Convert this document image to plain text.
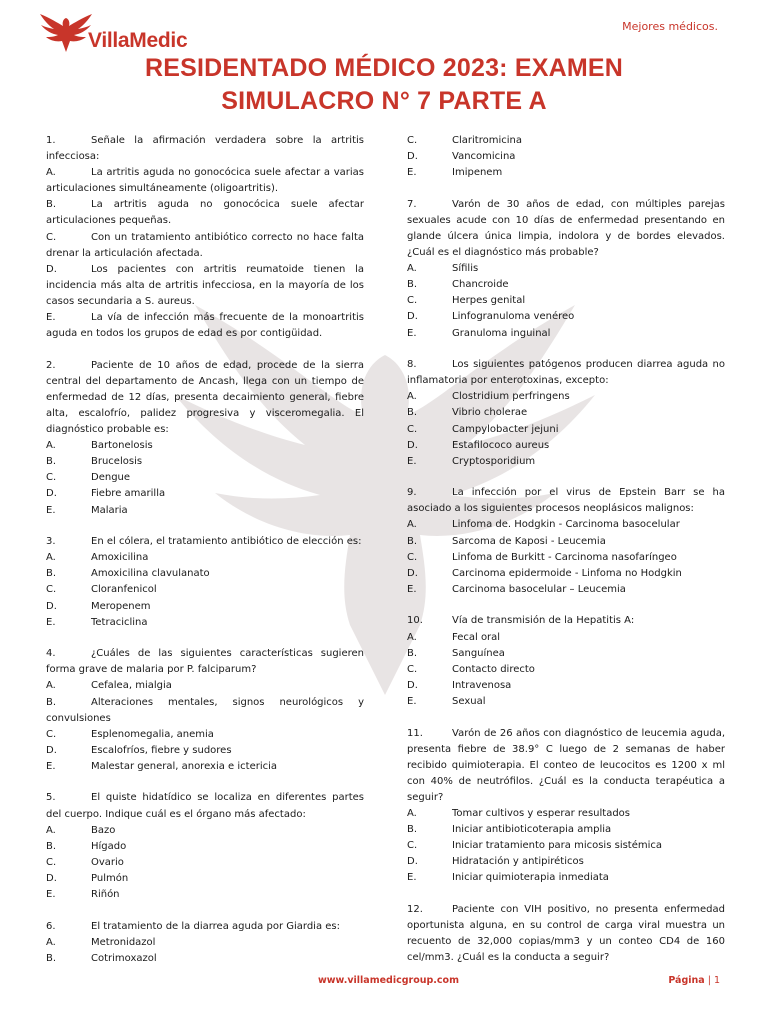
VillaMedic
Mejores médicos.
RESIDENTADO MÉDICO 2023: EXAMEN
SIMULACRO N° 7 PARTE A
1.	Señale la afirmación verdadera sobre la artritis infecciosa:
A.	La artritis aguda no gonocócica suele afectar a varias articulaciones simultáneamente (oligoartritis).
B.	La artritis aguda no gonocócica suele afectar articulaciones pequeñas.
C.	Con un tratamiento antibiótico correcto no hace falta drenar la articulación afectada.
D.	Los pacientes con artritis reumatoide tienen la incidencia más alta de artritis infecciosa, en la mayoría de los casos secundaria a S. aureus.
E.	La vía de infección más frecuente de la monoartritis aguda en todos los grupos de edad es por contigüidad.
2.	Paciente de 10 años de edad, procede de la sierra central del departamento de Ancash, llega con un tiempo de enfermedad de 12 días, presenta decaimiento general, fiebre alta, escalofrío, palidez progresiva y visceromegalia. El diagnóstico probable es:
A.	Bartonelosis
B.	Brucelosis
C.	Dengue
D.	Fiebre amarilla
E.	Malaria
3.	En el cólera, el tratamiento antibiótico de elección es:
A.	Amoxicilina
B.	Amoxicilina clavulanato
C.	Cloranfenicol
D.	Meropenem
E.	Tetraciclina
4.	¿Cuáles de las siguientes características sugieren forma grave de malaria por P. falciparum?
A.	Cefalea, mialgia
B.	Alteraciones mentales, signos neurológicos y convulsiones
C.	Esplenomegalia, anemia
D.	Escalofríos, fiebre y sudores
E.	Malestar general, anorexia e ictericia
5.	El quiste hidatídico se localiza en diferentes partes del cuerpo. Indique cuál es el órgano más afectado:
A.	Bazo
B.	Hígado
C.	Ovario
D.	Pulmón
E.	Riñón
6.	El tratamiento de la diarrea aguda por Giardia es:
A.	Metronidazol
B.	Cotrimoxazol
C.	Claritromicina
D.	Vancomicina
E.	Imipenem
7.	Varón de 30 años de edad, con múltiples parejas sexuales acude con 10 días de enfermedad presentando en glande úlcera única limpia, indolora y de bordes elevados. ¿Cuál es el diagnóstico más probable?
A.	Sífilis
B.	Chancroide
C.	Herpes genital
D.	Linfogranuloma venéreo
E.	Granuloma inguinal
8.	Los siguientes patógenos producen diarrea aguda no inflamatoria por enterotoxinas, excepto:
A.	Clostridium perfringens
B.	Vibrio cholerae
C.	Campylobacter jejuni
D.	Estafilococo aureus
E.	Cryptosporidium
9.	La infección por el virus de Epstein Barr se ha asociado a los siguientes procesos neoplásicos malignos:
A.	Linfoma de. Hodgkin - Carcinoma basocelular
B.	Sarcoma de Kaposi - Leucemia
C.	Linfoma de Burkitt - Carcinoma nasofaríngeo
D.	Carcinoma epidermoide - Linfoma no Hodgkin
E.	Carcinoma basocelular – Leucemia
10.	Vía de transmisión de la Hepatitis A:
A.	Fecal oral
B.	Sanguínea
C.	Contacto directo
D.	Intravenosa
E.	Sexual
11.	Varón de 26 años con diagnóstico de leucemia aguda, presenta fiebre de 38.9° C luego de 2 semanas de haber recibido quimioterapia. El conteo de leucocitos es 1200 x ml con 40% de neutrófilos. ¿Cuál es la conducta terapéutica a seguir?
A.	Tomar cultivos y esperar resultados
B.	Iniciar antibioticoterapia amplia
C.	Iniciar tratamiento para micosis sistémica
D.	Hidratación y antipiréticos
E.	Iniciar quimioterapia inmediata
12.	Paciente con VIH positivo, no presenta enfermedad oportunista alguna, en su control de carga viral muestra un recuento de 32,000 copias/mm3 y un conteo CD4 de 160 cel/mm3. ¿Cuál es la conducta a seguir?
www.villamedicgroup.com	Página | 1
